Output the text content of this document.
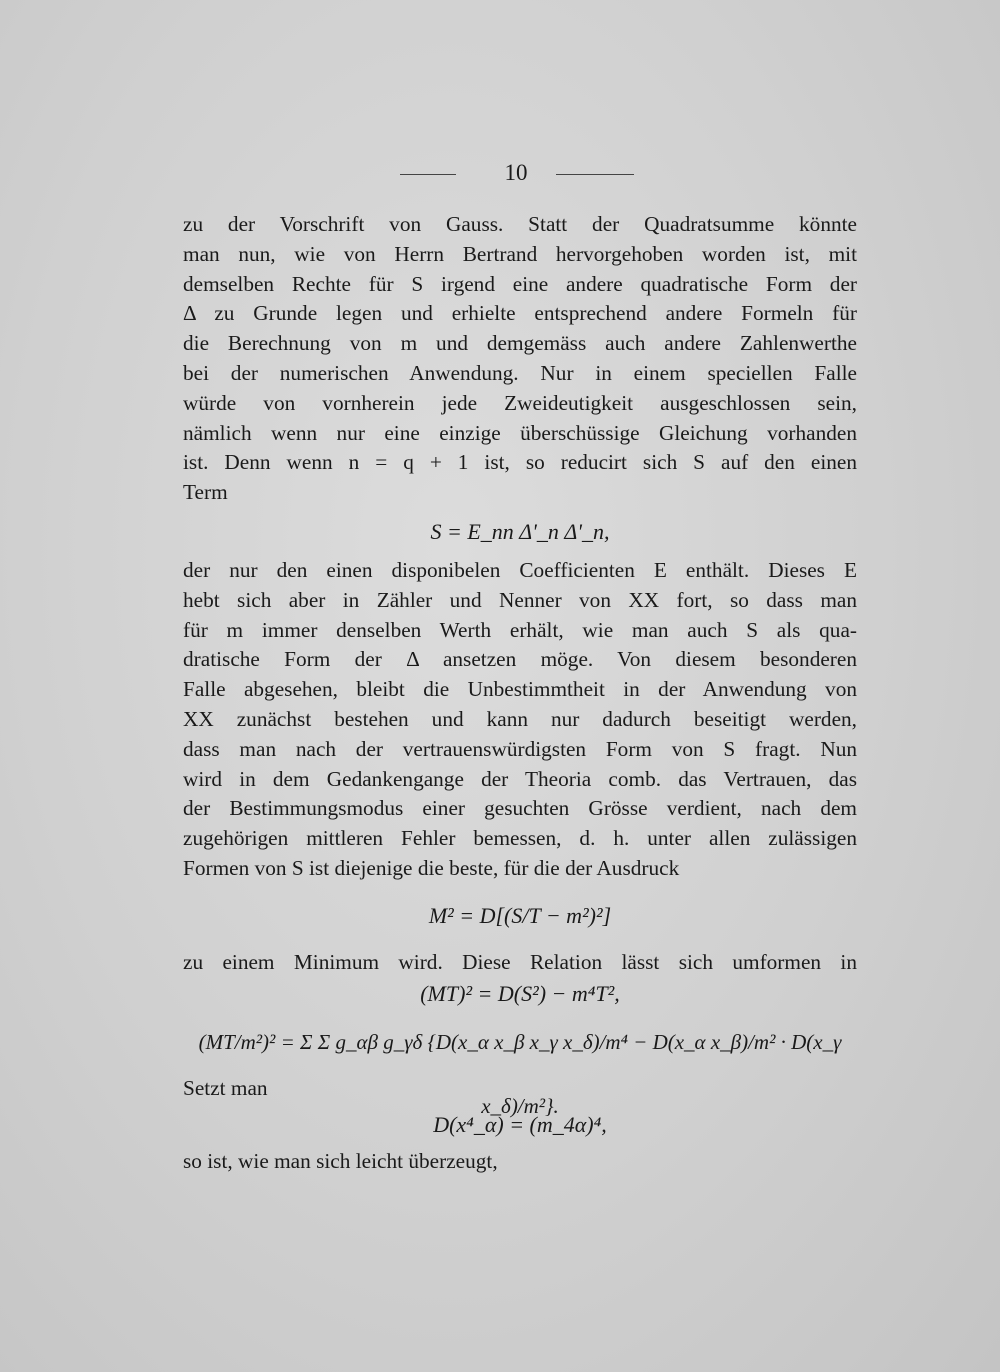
10
zu der Vorschrift von Gauss. Statt der Quadratsumme könnte
man nun, wie von Herrn Bertrand hervorgehoben worden ist, mit
demselben Rechte für S irgend eine andere quadratische Form der
Δ zu Grunde legen und erhielte entsprechend andere Formeln für
die Berechnung von m und demgemäss auch andere Zahlenwerthe
bei der numerischen Anwendung. Nur in einem speciellen Falle
würde von vornherein jede Zweideutigkeit ausgeschlossen sein,
nämlich wenn nur eine einzige überschüssige Gleichung vorhanden
ist. Denn wenn n = q + 1 ist, so reducirt sich S auf den einen
Term
S = E_nn Δ'_n Δ'_n,
der nur den einen disponibelen Coefficienten E enthält. Dieses E
hebt sich aber in Zähler und Nenner von XX fort, so dass man
für m immer denselben Werth erhält, wie man auch S als qua-
dratische Form der Δ ansetzen möge. Von diesem besonderen
Falle abgesehen, bleibt die Unbestimmtheit in der Anwendung von
XX zunächst bestehen und kann nur dadurch beseitigt werden,
dass man nach der vertrauenswürdigsten Form von S fragt. Nun
wird in dem Gedankengange der Theoria comb. das Vertrauen, das
der Bestimmungsmodus einer gesuchten Grösse verdient, nach dem
zugehörigen mittleren Fehler bemessen, d. h. unter allen zulässigen
Formen von S ist diejenige die beste, für die der Ausdruck
M² = D[(S/T − m²)²]
zu einem Minimum wird. Diese Relation lässt sich umformen in
(MT)² = D(S²) − m⁴T²,
(MT/m²)² = Σ Σ g_αβ g_γδ {D(x_α x_β x_γ x_δ)/m⁴ − D(x_α x_β)/m² · D(x_γ x_δ)/m²}.
Setzt man
D(x⁴_α) = (m_4α)⁴,
so ist, wie man sich leicht überzeugt,
